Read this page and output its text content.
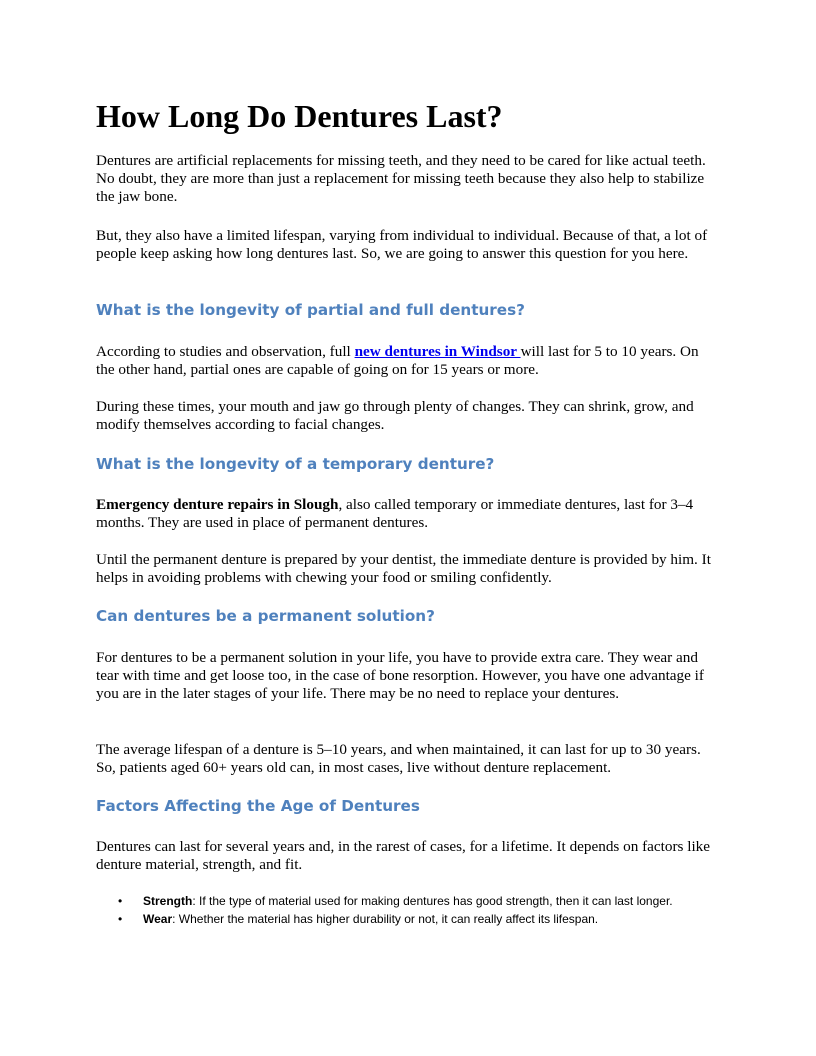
How Long Do Dentures Last?

Dentures are artificial replacements for missing teeth, and they need to be cared for like actual teeth. No doubt, they are more than just a replacement for missing teeth because they also help to stabilize the jaw bone.

But, they also have a limited lifespan, varying from individual to individual. Because of that, a lot of people keep asking how long dentures last. So, we are going to answer this question for you here.

What is the longevity of partial and full dentures?

According to studies and observation, full new dentures in Windsor will last for 5 to 10 years. On the other hand, partial ones are capable of going on for 15 years or more.

During these times, your mouth and jaw go through plenty of changes. They can shrink, grow, and modify themselves according to facial changes.

What is the longevity of a temporary denture?

Emergency denture repairs in Slough, also called temporary or immediate dentures, last for 3–4 months. They are used in place of permanent dentures.

Until the permanent denture is prepared by your dentist, the immediate denture is provided by him. It helps in avoiding problems with chewing your food or smiling confidently.

Can dentures be a permanent solution?

For dentures to be a permanent solution in your life, you have to provide extra care. They wear and tear with time and get loose too, in the case of bone resorption. However, you have one advantage if you are in the later stages of your life. There may be no need to replace your dentures.

The average lifespan of a denture is 5–10 years, and when maintained, it can last for up to 30 years. So, patients aged 60+ years old can, in most cases, live without denture replacement.

Factors Affecting the Age of Dentures

Dentures can last for several years and, in the rarest of cases, for a lifetime. It depends on factors like denture material, strength, and fit.

• Strength: If the type of material used for making dentures has good strength, then it can last longer.
• Wear: Whether the material has higher durability or not, it can really affect its lifespan.
